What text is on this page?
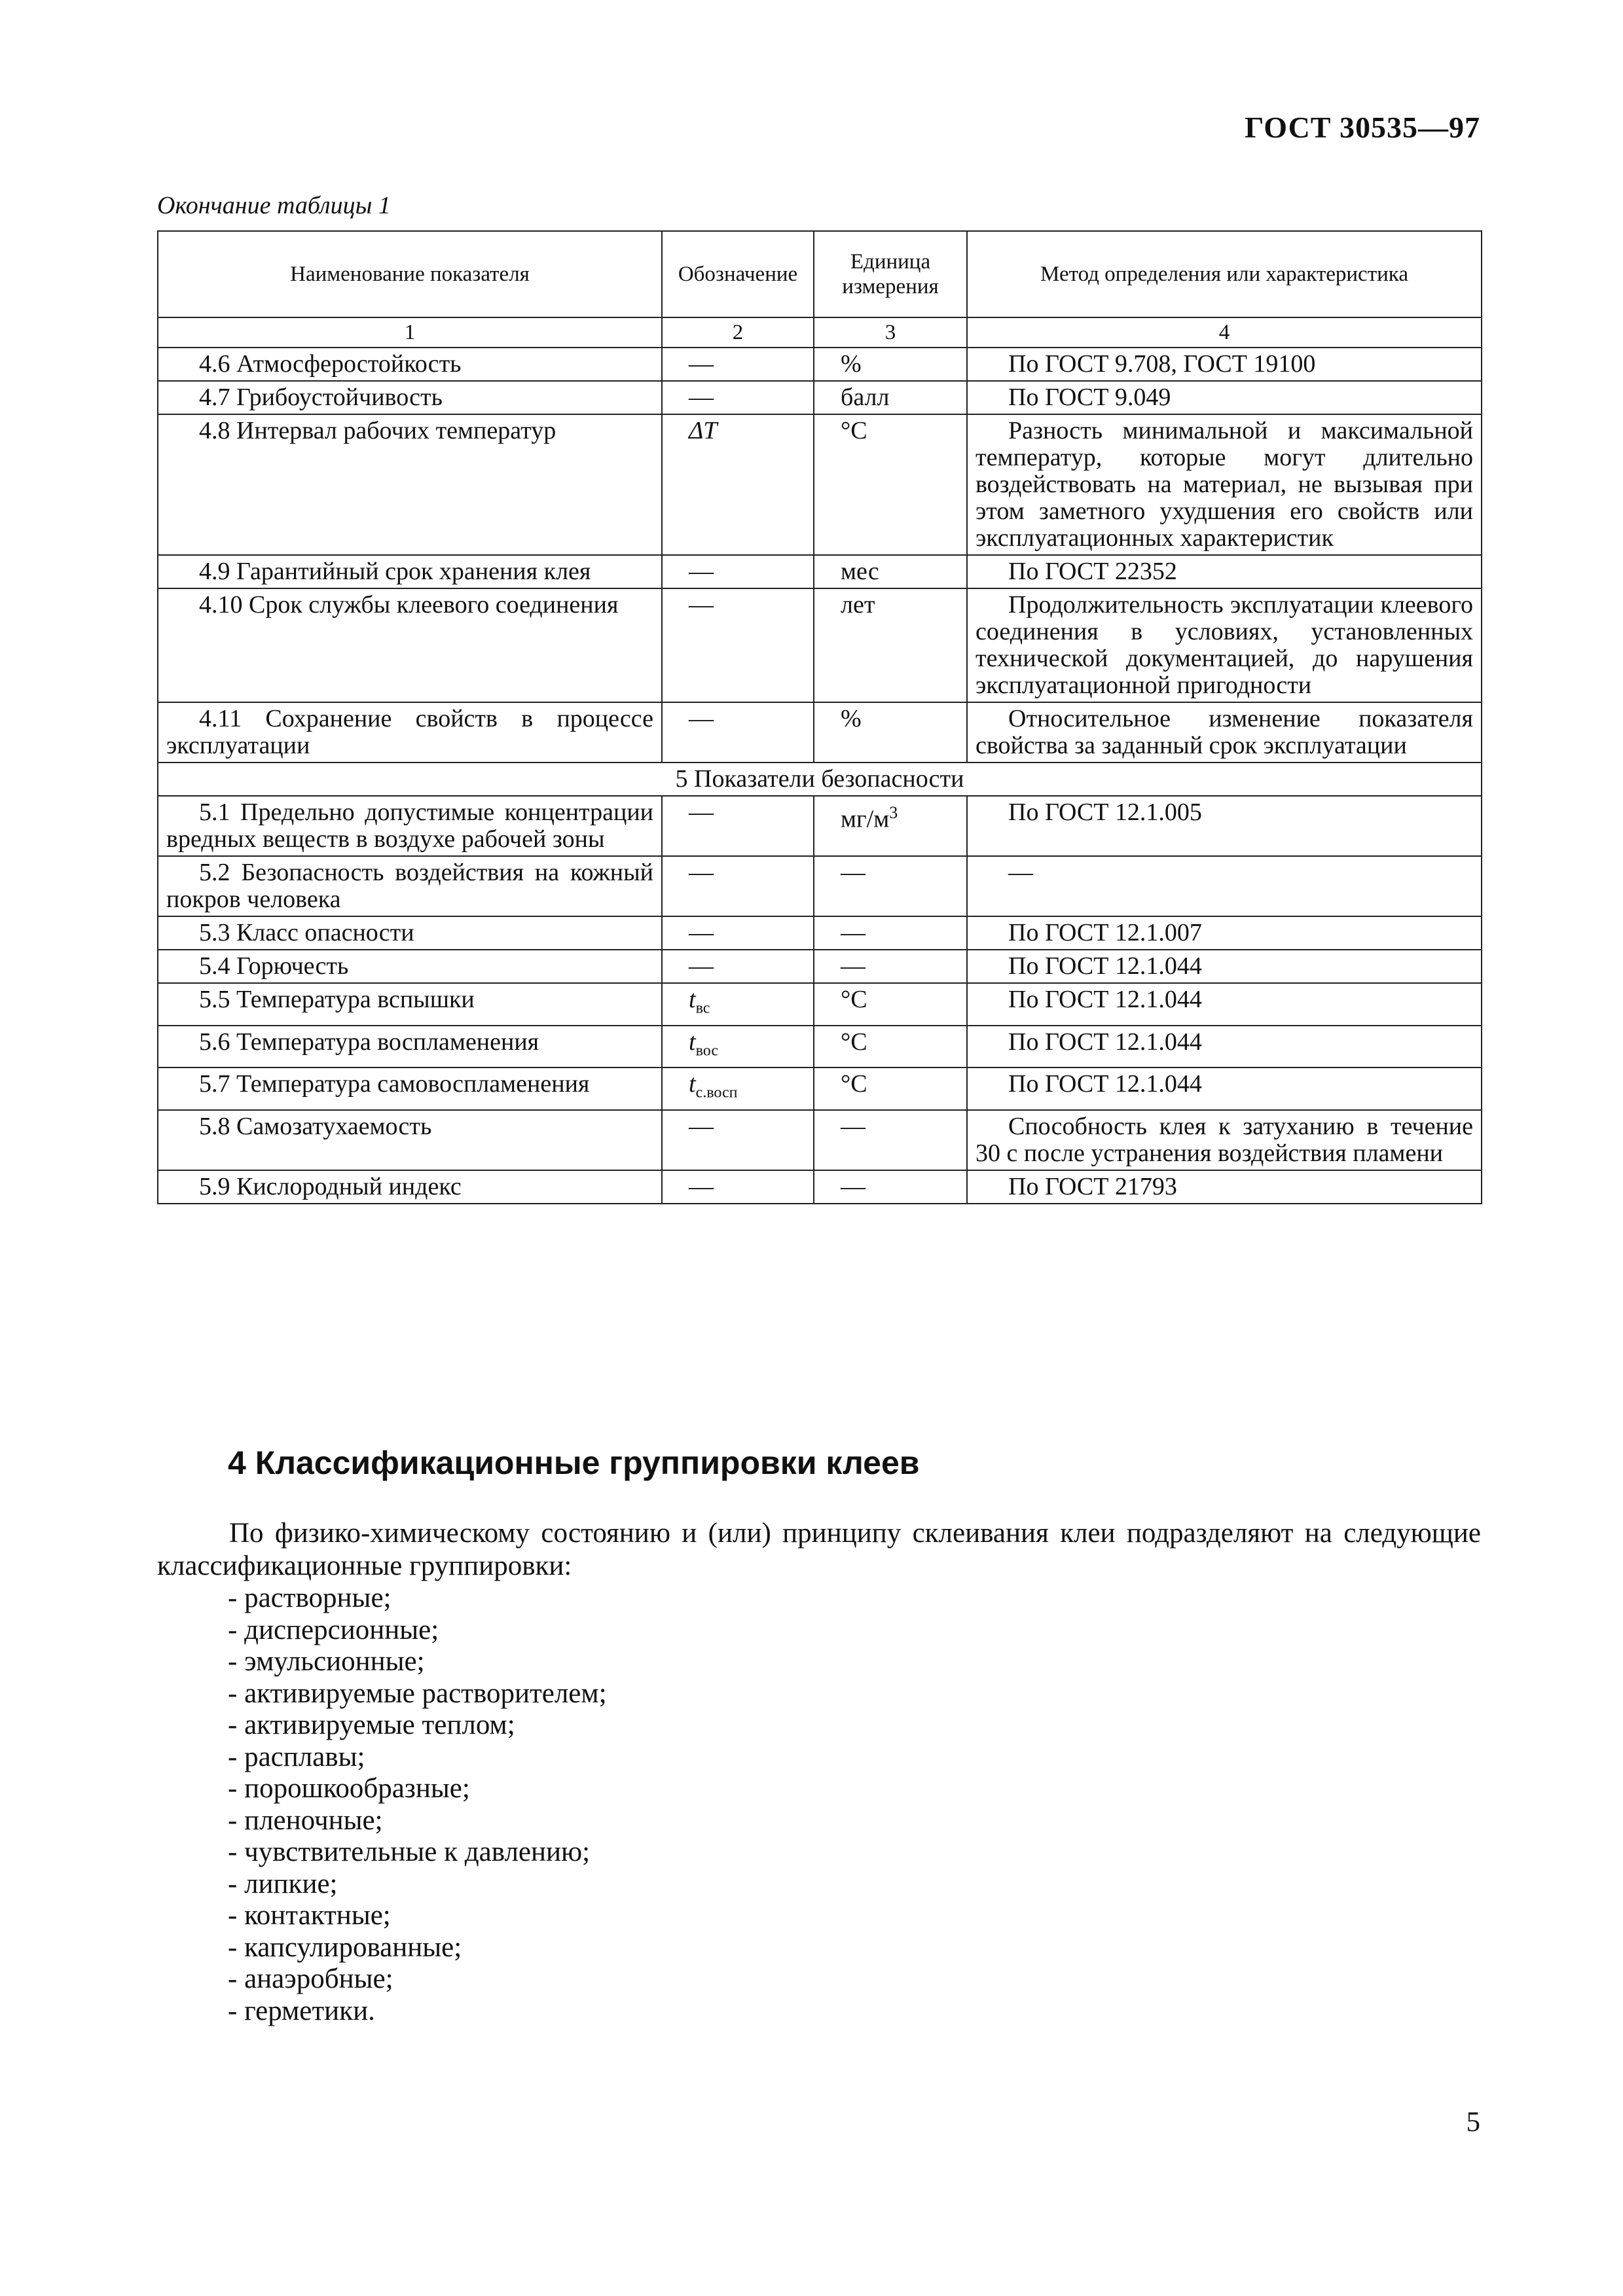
ГОСТ 30535—97
Окончание таблицы 1
Наименование показателя	Обозначение	Единица измерения	Метод определения или характеристика
1	2	3	4
4.6 Атмосферостойкость	—	%	По ГОСТ 9.708, ГОСТ 19100
4.7 Грибоустойчивость	—	балл	По ГОСТ 9.049
4.8 Интервал рабочих температур	ΔT	°С	Разность минимальной и максимальной температур, которые могут длительно воздействовать на материал, не вызывая при этом заметного ухудшения его свойств или эксплуатационных характеристик
4.9 Гарантийный срок хранения клея	—	мес	По ГОСТ 22352
4.10 Срок службы клеевого соединения	—	лет	Продолжительность эксплуатации клеевого соединения в условиях, установленных технической документацией, до нарушения эксплуатационной пригодности
4.11 Сохранение свойств в процессе эксплуатации	—	%	Относительное изменение показателя свойства за заданный срок эксплуатации
5 Показатели безопасности			
5.1 Предельно допустимые концентрации вредных веществ в воздухе рабочей зоны	—	$мг/м^3$	По ГОСТ 12.1.005
5.2 Безопасность воздействия на кожный покров человека	—	—	—
5.3 Класс опасности	—	—	По ГОСТ 12.1.007
5.4 Горючесть	—	—	По ГОСТ 12.1.044
5.5 Температура вспышки	$t_{вс}$	°С	По ГОСТ 12.1.044
5.6 Температура воспламенения	$t_{вос}$	°С	По ГОСТ 12.1.044
5.7 Температура самовоспламенения	$t_{с.восп}$	°С	По ГОСТ 12.1.044
5.8 Самозатухаемость	—	—	Способность клея к затуханию в течение 30 с после устранения воздействия пламени
5.9 Кислородный индекс	—	—	По ГОСТ 21793
4 Классификационные группировки клеев
По физико-химическому состоянию и (или) принципу склеивания клеи подразделяют на следующие классификационные группировки:
- растворные;
- дисперсионные;
- эмульсионные;
- активируемые растворителем;
- активируемые теплом;
- расплавы;
- порошкообразные;
- пленочные;
- чувствительные к давлению;
- липкие;
- контактные;
- капсулированные;
- анаэробные;
- герметики.
5
